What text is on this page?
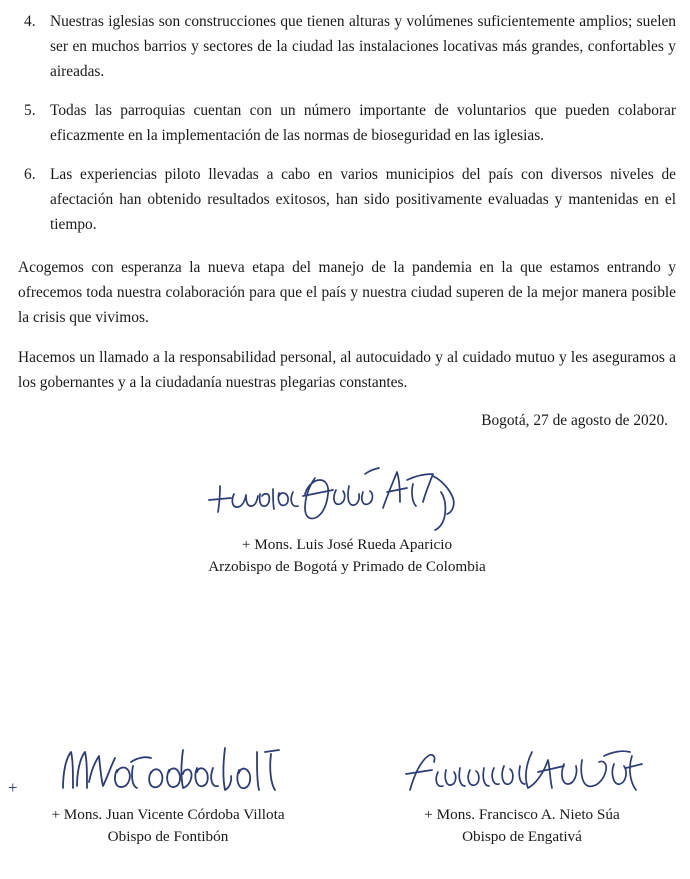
4. Nuestras iglesias son construcciones que tienen alturas y volúmenes suficientemente amplios; suelen ser en muchos barrios y sectores de la ciudad las instalaciones locativas más grandes, confortables y aireadas.
5. Todas las parroquias cuentan con un número importante de voluntarios que pueden colaborar eficazmente en la implementación de las normas de bioseguridad en las iglesias.
6. Las experiencias piloto llevadas a cabo en varios municipios del país con diversos niveles de afectación han obtenido resultados exitosos, han sido positivamente evaluadas y mantenidas en el tiempo.

Acogemos con esperanza la nueva etapa del manejo de la pandemia en la que estamos entrando y ofrecemos toda nuestra colaboración para que el país y nuestra ciudad superen de la mejor manera posible la crisis que vivimos.

Hacemos un llamado a la responsabilidad personal, al autocuidado y al cuidado mutuo y les aseguramos a los gobernantes y a la ciudadanía nuestras plegarias constantes.

Bogotá, 27 de agosto de 2020.

+ Mons. Luis José Rueda Aparicio

Arzobispo de Bogotá y Primado de Colombia

+

+ Mons. Juan Vicente Córdoba Villota

Obispo de Fontibón

+ Mons. Francisco A. Nieto Súa

Obispo de Engativá
